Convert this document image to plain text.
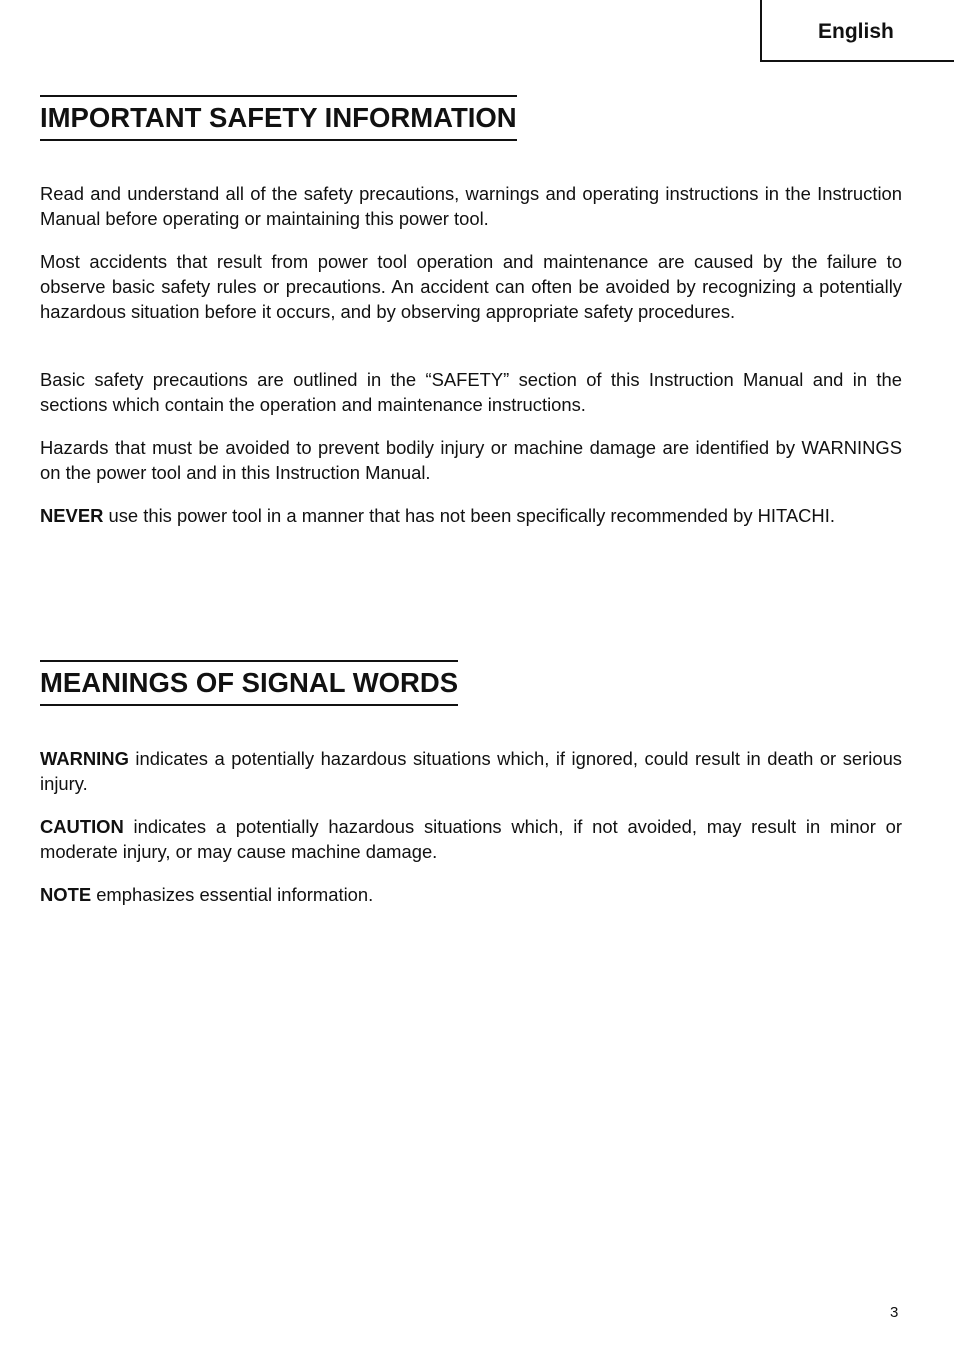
English
IMPORTANT SAFETY INFORMATION

Read and understand all of the safety precautions, warnings and operating instructions in the Instruction Manual before operating or maintaining this power tool.

Most accidents that result from power tool operation and maintenance are caused by the failure to observe basic safety rules or precautions. An accident can often be avoided by recognizing a potentially hazardous situation before it occurs, and by observing appropriate safety procedures.

Basic safety precautions are outlined in the “SAFETY” section of this Instruction Manual and in the sections which contain the operation and maintenance instructions.

Hazards that must be avoided to prevent bodily injury or machine damage are identified by WARNINGS on the power tool and in this Instruction Manual.

NEVER use this power tool in a manner that has not been specifically recommended by HITACHI.

MEANINGS OF SIGNAL WORDS

WARNING indicates a potentially hazardous situations which, if ignored, could result in death or serious injury.

CAUTION indicates a potentially hazardous situations which, if not avoided, may result in minor or moderate injury, or may cause machine damage.

NOTE emphasizes essential information.

3
